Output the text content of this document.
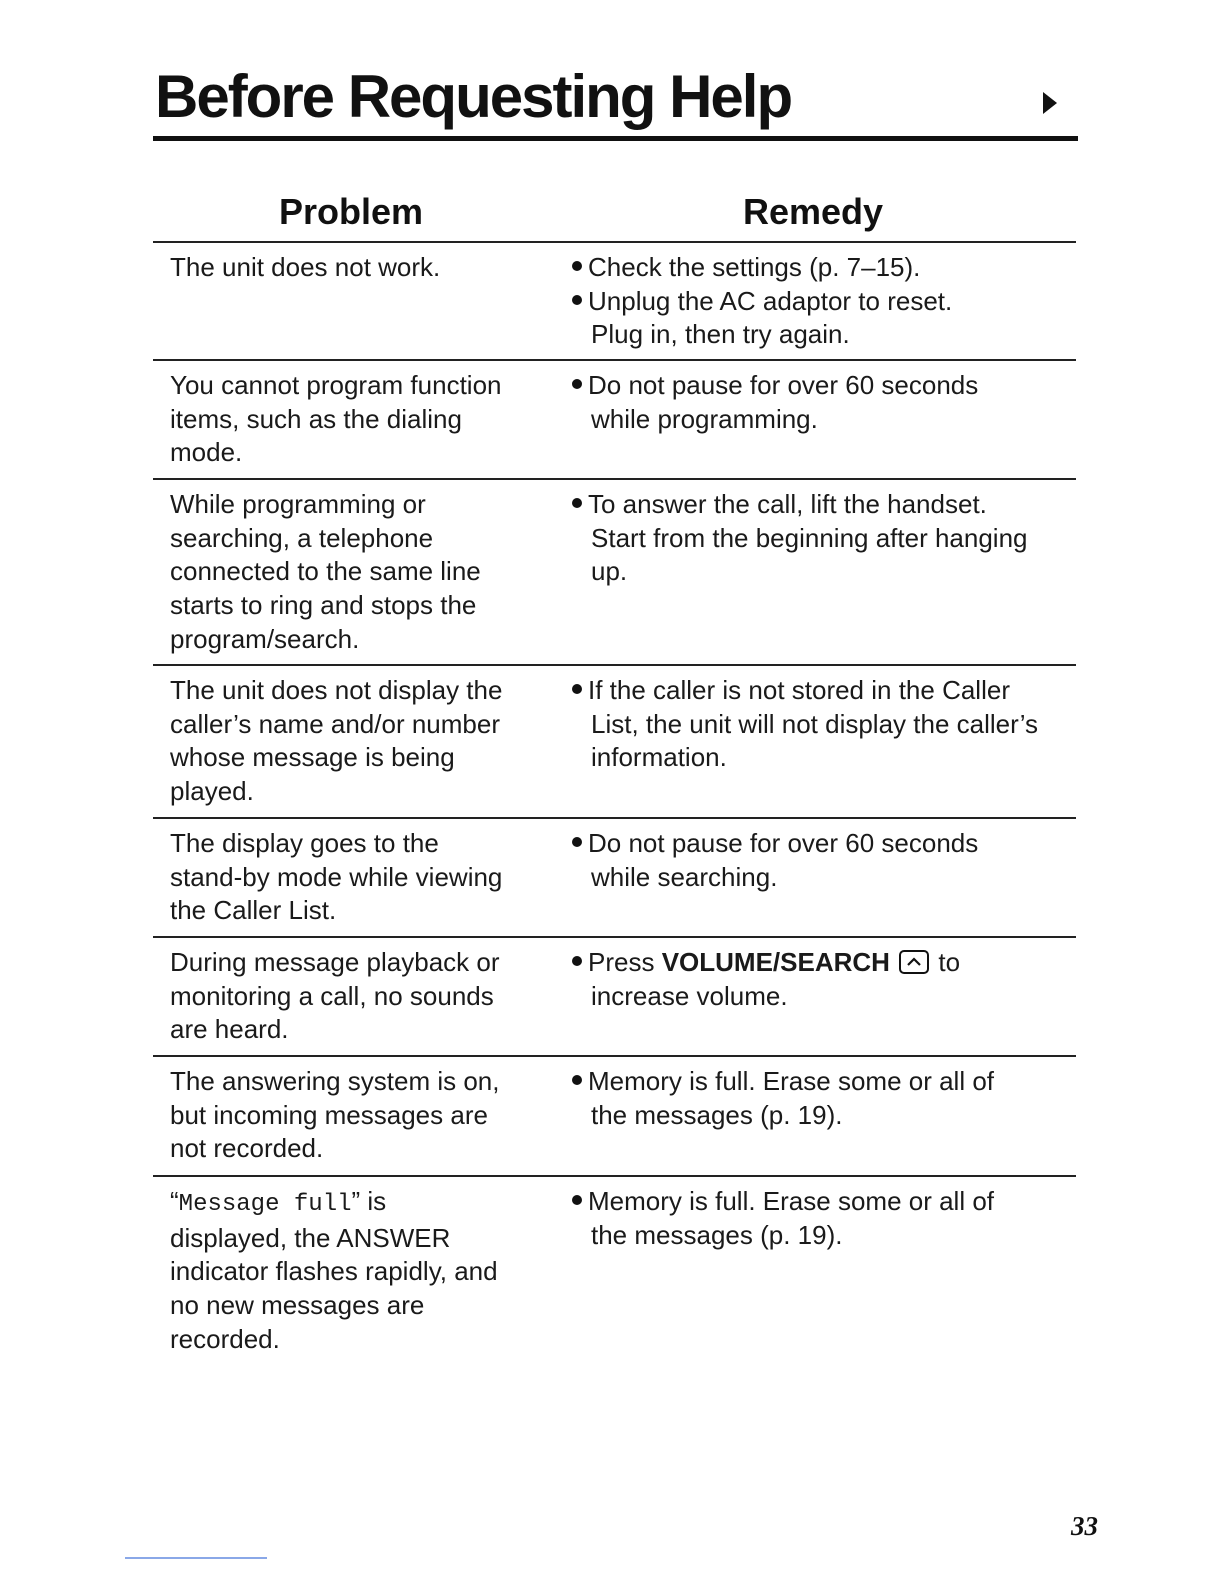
Before Requesting Help
Problem	Remedy
The unit does not work.	Check the settings (p. 7–15).
Unplug the AC adaptor to reset.
Plug in, then try again.
You cannot program function
items, such as the dialing
mode.
Do not pause for over 60 seconds
while programming.
While programming or
searching, a telephone
connected to the same line
starts to ring and stops the
program/search.
To answer the call, lift the handset.
Start from the beginning after hanging
up.
The unit does not display the
caller’s name and/or number
whose message is being
played.
If the caller is not stored in the Caller
List, the unit will not display the caller’s
information.
The display goes to the
stand-by mode while viewing
the Caller List.
Do not pause for over 60 seconds
while searching.
During message playback or
monitoring a call, no sounds
are heard.
Press VOLUME/SEARCH
to
increase volume.
The answering system is on,
but incoming messages are
not recorded.
Memory is full. Erase some or all of
the messages (p. 19).
“Message full” is
displayed, the ANSWER
indicator flashes rapidly, and
no new messages are
recorded.
Memory is full. Erase some or all of
the messages (p. 19).
33
